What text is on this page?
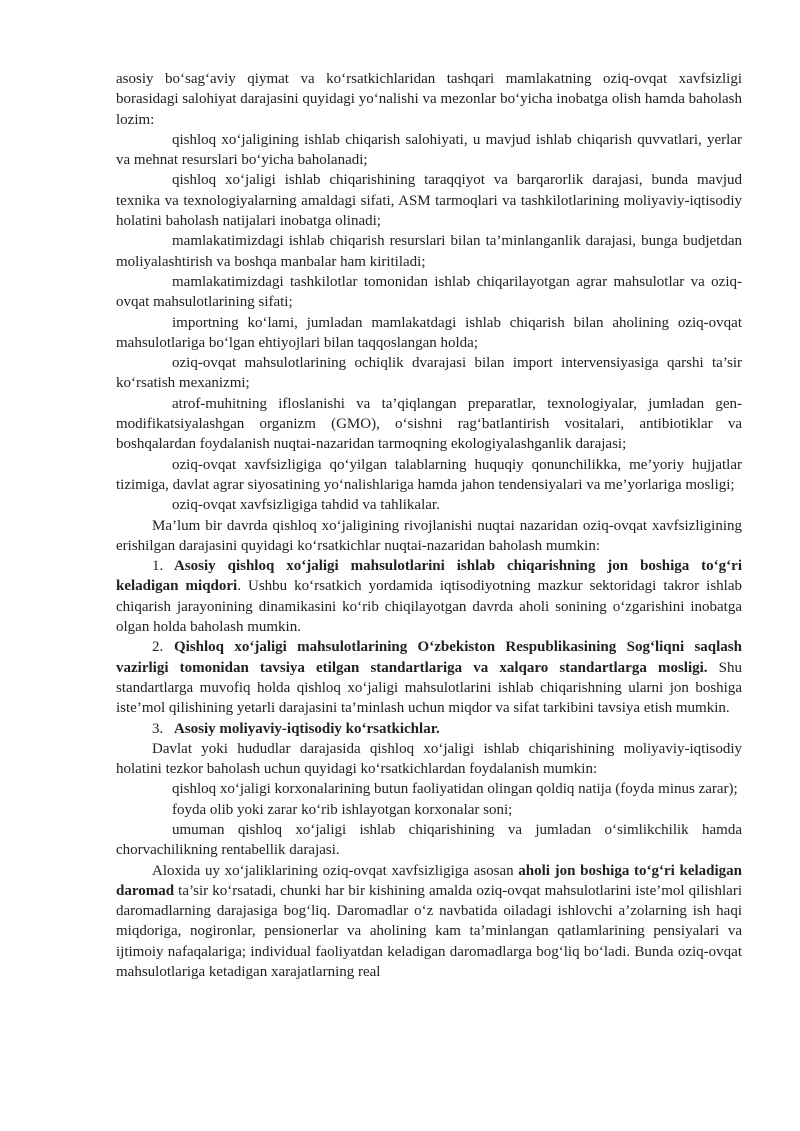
asosiy bo‘sag‘aviy qiymat va ko‘rsatkichlaridan tashqari mamlakatning oziq-ovqat xavfsizligi borasidagi salohiyat darajasini quyidagi yo‘nalishi va mezonlar bo‘yicha inobatga olish hamda baholash lozim:

qishloq xo‘jaligining ishlab chiqarish salohiyati, u mavjud ishlab chiqarish quvvatlari, yerlar va mehnat resurslari bo‘yicha baholanadi;

qishloq xo‘jaligi ishlab chiqarishining taraqqiyot va barqarorlik darajasi, bunda mavjud texnika va texnologiyalarning amaldagi sifati, ASM tarmoqlari va tashkilotlarining moliyaviy-iqtisodiy holatini baholash natijalari inobatga olinadi;

mamlakatimizdagi ishlab chiqarish resurslari bilan ta’minlanganlik darajasi, bunga budjetdan moliyalashtirish va boshqa manbalar ham kiritiladi;

mamlakatimizdagi tashkilotlar tomonidan ishlab chiqarilayotgan agrar mahsulotlar va oziq- ovqat mahsulotlarining sifati;

importning ko‘lami, jumladan mamlakatdagi ishlab chiqarish bilan aholining oziq-ovqat mahsulotlariga bo‘lgan ehtiyojlari bilan taqqoslangan holda;

oziq-ovqat mahsulotlarining ochiqlik dvarajasi bilan import intervensiyasiga qarshi ta’sir ko‘rsatish mexanizmi;

atrof-muhitning ifloslanishi va ta’qiqlangan preparatlar, texnologiyalar, jumladan gen-modifikatsiyalashgan organizm (GMO), o‘sishni rag‘batlantirish vositalari, antibiotiklar va boshqalardan foydalanish nuqtai-nazaridan tarmoqning ekologiyalashganlik darajasi;

oziq-ovqat xavfsizligiga qo‘yilgan talablarning huquqiy qonunchilikka, me’yoriy hujjatlar tizimiga, davlat agrar siyosatining yo‘nalishlariga hamda jahon tendensiyalari va me’yorlariga mosligi;

oziq-ovqat xavfsizligiga tahdid va tahlikalar.

Ma’lum bir davrda qishloq xo‘jaligining rivojlanishi nuqtai nazaridan oziq-ovqat xavfsizligining erishilgan darajasini quyidagi ko‘rsatkichlar nuqtai-nazaridan baholash mumkin:

1. Asosiy qishloq xo‘jaligi mahsulotlarini ishlab chiqarishning jon boshiga to‘g‘ri keladigan miqdori. Ushbu ko‘rsatkich yordamida iqtisodiyotning mazkur sektoridagi takror ishlab chiqarish jarayonining dinamikasini ko‘rib chiqilayotgan davrda aholi sonining o‘zgarishini inobatga olgan holda baholash mumkin.

2. Qishloq xo‘jaligi mahsulotlarining O‘zbekiston Respublikasining Sog‘liqni saqlash vazirligi tomonidan tavsiya etilgan standartlariga va xalqaro standartlarga mosligi. Shu standartlarga muvofiq holda qishloq xo‘jaligi mahsulotlarini ishlab chiqarishning ularni jon boshiga iste’mol qilishining yetarli darajasini ta’minlash uchun miqdor va sifat tarkibini tavsiya etish mumkin.

3. Asosiy moliyaviy-iqtisodiy ko‘rsatkichlar.

Davlat yoki hududlar darajasida qishloq xo‘jaligi ishlab chiqarishining moliyaviy-iqtisodiy holatini tezkor baholash uchun quyidagi ko‘rsatkichlardan foydalanish mumkin:

qishloq xo‘jaligi korxonalarining butun faoliyatidan olingan qoldiq natija (foyda minus zarar);

foyda olib yoki zarar ko‘rib ishlayotgan korxonalar soni;

umuman qishloq xo‘jaligi ishlab chiqarishining va jumladan o‘simlikchilik hamda chorvachilikning rentabellik darajasi.

Aloxida uy xo‘jaliklarining oziq-ovqat xavfsizligiga asosan aholi jon boshiga to‘g‘ri keladigan daromad ta’sir ko‘rsatadi, chunki har bir kishining amalda oziq-ovqat mahsulotlarini iste’mol qilishlari daromadlarning darajasiga bog‘liq. Daromadlar o‘z navbatida oiladagi ishlovchi a’zolarning ish haqi miqdoriga, nogironlar, pensionerlar va aholining kam ta’minlangan qatlamlarining pensiyalari va ijtimoiy nafaqalariga; individual faoliyatdan keladigan daromadlarga bog‘liq bo‘ladi. Bunda oziq-ovqat mahsulotlariga ketadigan xarajatlarning real
